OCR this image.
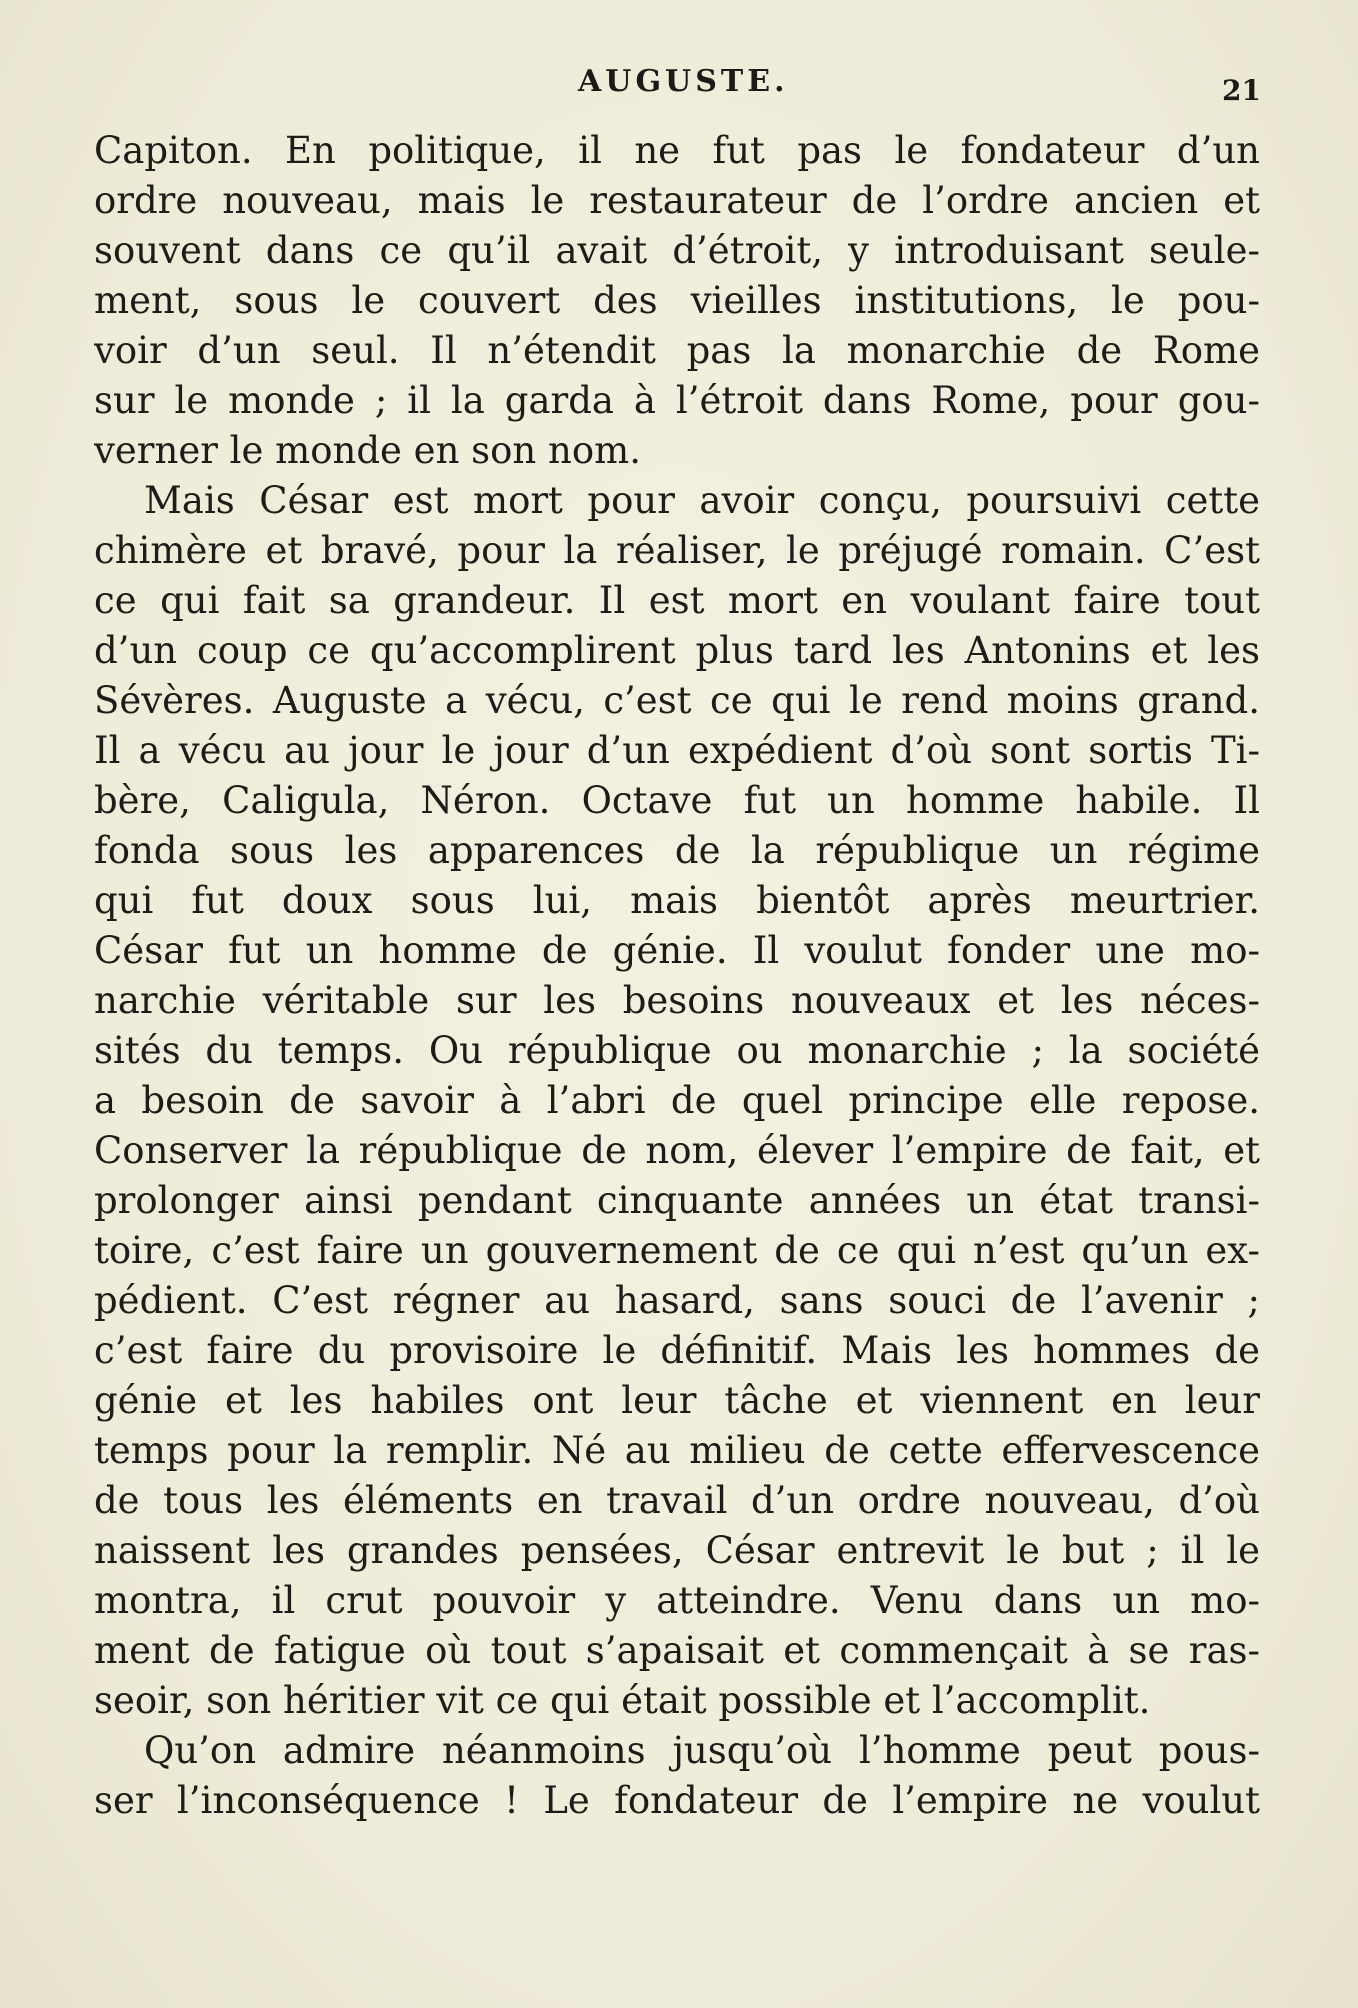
AUGUSTE.	21
Capiton. En politique, il ne fut pas le fondateur d’un
ordre nouveau, mais le restaurateur de l’ordre ancien et
souvent dans ce qu’il avait d’étroit, y introduisant seule-
ment, sous le couvert des vieilles institutions, le pou-
voir d’un seul. Il n’étendit pas la monarchie de Rome
sur le monde ; il la garda à l’étroit dans Rome, pour gou-
verner le monde en son nom.
Mais César est mort pour avoir conçu, poursuivi cette
chimère et bravé, pour la réaliser, le préjugé romain. C’est
ce qui fait sa grandeur. Il est mort en voulant faire tout
d’un coup ce qu’accomplirent plus tard les Antonins et les
Sévères. Auguste a vécu, c’est ce qui le rend moins grand.
Il a vécu au jour le jour d’un expédient d’où sont sortis Ti-
bère, Caligula, Néron. Octave fut un homme habile. Il
fonda sous les apparences de la république un régime
qui fut doux sous lui, mais bientôt après meurtrier.
César fut un homme de génie. Il voulut fonder une mo-
narchie véritable sur les besoins nouveaux et les néces-
sités du temps. Ou république ou monarchie ; la société
a besoin de savoir à l’abri de quel principe elle repose.
Conserver la république de nom, élever l’empire de fait, et
prolonger ainsi pendant cinquante années un état transi-
toire, c’est faire un gouvernement de ce qui n’est qu’un ex-
pédient. C’est régner au hasard, sans souci de l’avenir ;
c’est faire du provisoire le définitif. Mais les hommes de
génie et les habiles ont leur tâche et viennent en leur
temps pour la remplir. Né au milieu de cette effervescence
de tous les éléments en travail d’un ordre nouveau, d’où
naissent les grandes pensées, César entrevit le but ; il le
montra, il crut pouvoir y atteindre. Venu dans un mo-
ment de fatigue où tout s’apaisait et commençait à se ras-
seoir, son héritier vit ce qui était possible et l’accomplit.
Qu’on admire néanmoins jusqu’où l’homme peut pous-
ser l’inconséquence ! Le fondateur de l’empire ne voulut
